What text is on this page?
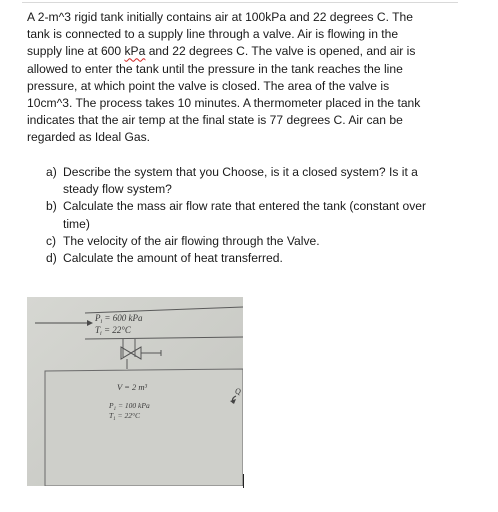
A 2-m^3 rigid tank initially contains air at 100kPa and 22 degrees C. The
tank is connected to a supply line through a valve. Air is flowing in the
supply line at 600 kPa and 22 degrees C. The valve is opened, and air is
allowed to enter the tank until the pressure in the tank reaches the line
pressure, at which point the valve is closed. The area of the valve is
10cm^3. The process takes 10 minutes. A thermometer placed in the tank
indicates that the air temp at the final state is 77 degrees C. Air can be
regarded as Ideal Gas.

a) Describe the system that you Choose, is it a closed system? Is it a
steady flow system?
b) Calculate the mass air flow rate that entered the tank (constant over
time)
c) The velocity of the air flowing through the Valve.
d) Calculate the amount of heat transferred.
$P_i = 600$ kPa
$T_i = 22^\circ C$
V = 2 m³
$P_1 = 100$ kPa
$T_1 = 22^\circ C$
Q
